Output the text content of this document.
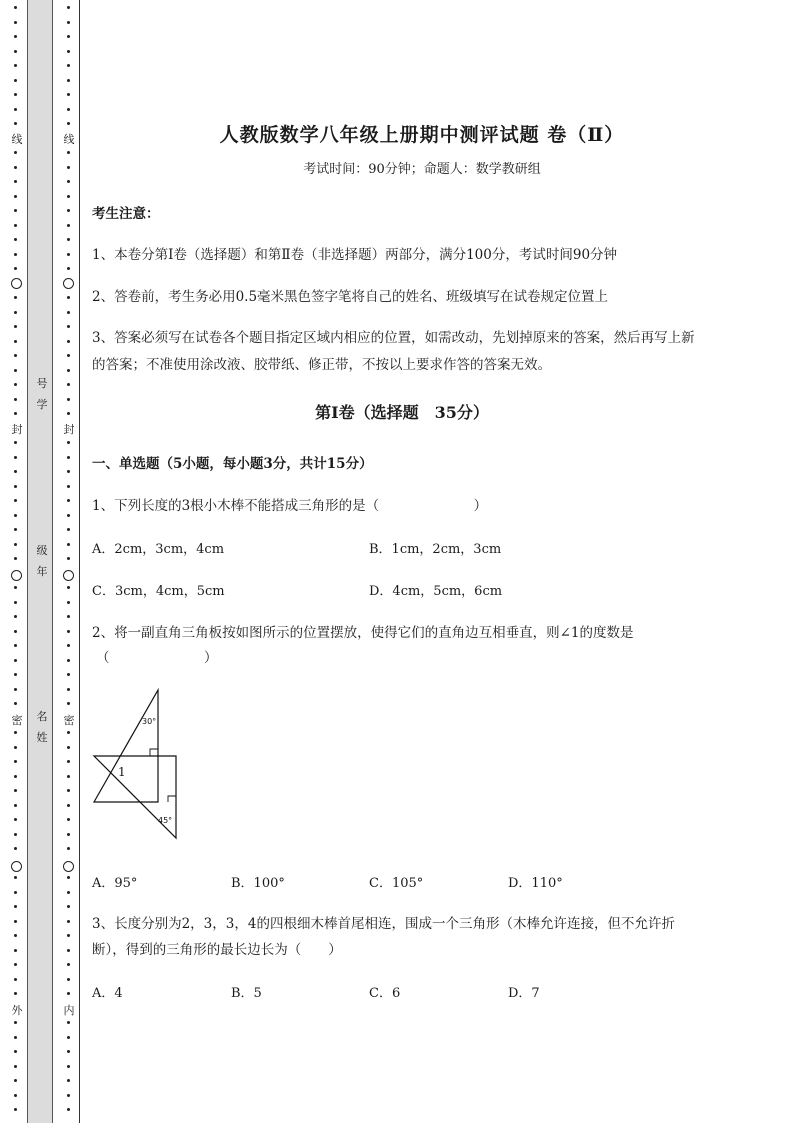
线
封
密
外
线
封
密
内
号
学
级
年
名
姓
人教版数学八年级上册期中测评试题 卷（Ⅱ）
考试时间：90分钟；命题人：数学教研组
考生注意：
1、本卷分第Ⅰ卷（选择题）和第Ⅱ卷（非选择题）两部分，满分100分，考试时间90分钟
2、答卷前，考生务必用0.5毫米黑色签字笔将自己的姓名、班级填写在试卷规定位置上
3、答案必须写在试卷各个题目指定区域内相应的位置，如需改动，先划掉原来的答案，然后再写上新
的答案；不准使用涂改液、胶带纸、修正带，不按以上要求作答的答案无效。
第Ⅰ卷（选择题　35分）
一、单选题（5小题，每小题3分，共计15分）
1、下列长度的3根小木棒不能搭成三角形的是（　　　　　　　）
A．2cm，3cm，4cm	B．1cm，2cm，3cm
C．3cm，4cm，5cm	D．4cm，5cm，6cm
2、将一副直角三角板按如图所示的位置摆放，使得它们的直角边互相垂直，则∠1的度数是
（　　　　　　　）
A．95°	B．100°	C．105°	D．110°
3、长度分别为2，3，3，4的四根细木棒首尾相连，围成一个三角形（木棒允许连接，但不允许折
断），得到的三角形的最长边长为（　　）
A．4	B．5	C．6	D．7
30°
45°
1
